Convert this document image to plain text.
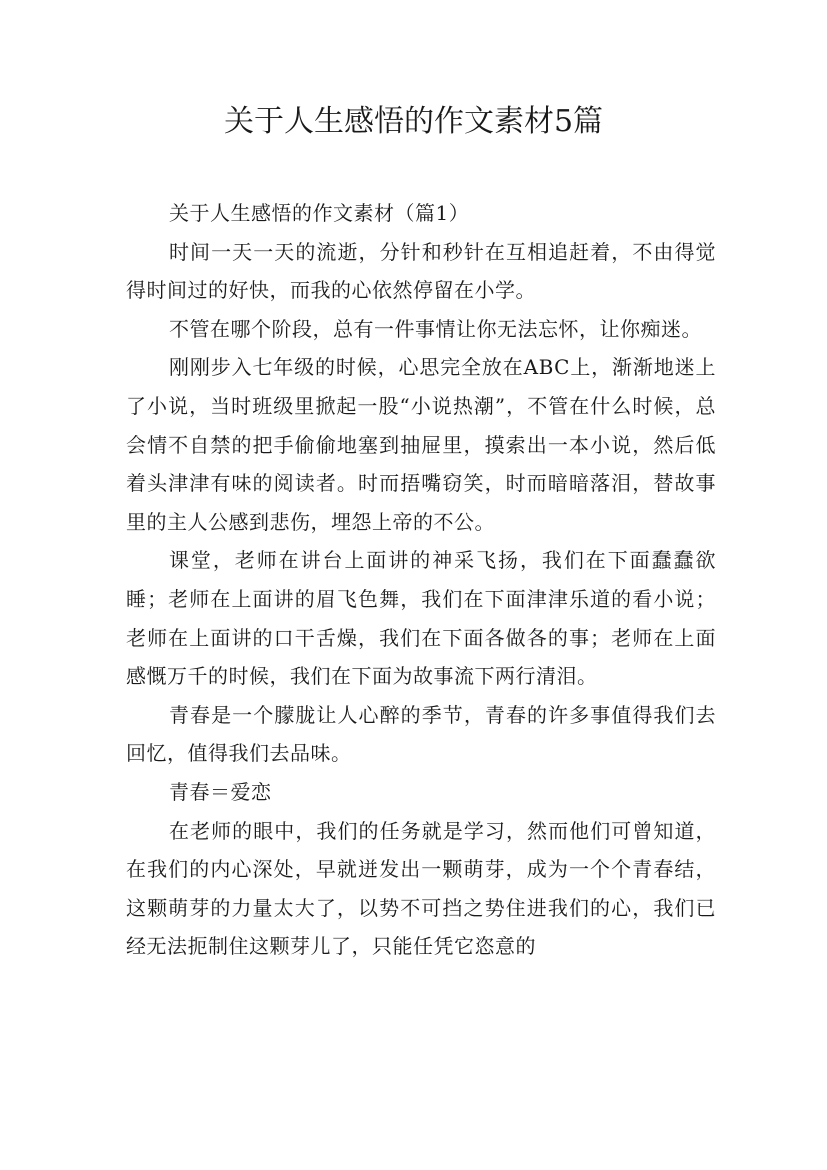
关于人生感悟的作文素材5篇

关于人生感悟的作文素材（篇1）

时间一天一天的流逝，分针和秒针在互相追赶着，不由得觉得时间过的好快，而我的心依然停留在小学。

不管在哪个阶段，总有一件事情让你无法忘怀，让你痴迷。

刚刚步入七年级的时候，心思完全放在ABC上，渐渐地迷上了小说，当时班级里掀起一股“小说热潮”，不管在什么时候，总会情不自禁的把手偷偷地塞到抽屉里，摸索出一本小说，然后低着头津津有味的阅读者。时而捂嘴窃笑，时而暗暗落泪，替故事里的主人公感到悲伤，埋怨上帝的不公。

课堂，老师在讲台上面讲的神采飞扬，我们在下面蠢蠢欲睡；老师在上面讲的眉飞色舞，我们在下面津津乐道的看小说；老师在上面讲的口干舌燥，我们在下面各做各的事；老师在上面感慨万千的时候，我们在下面为故事流下两行清泪。

青春是一个朦胧让人心醉的季节，青春的许多事值得我们去回忆，值得我们去品味。

青春＝爱恋

在老师的眼中，我们的任务就是学习，然而他们可曾知道，在我们的内心深处，早就迸发出一颗萌芽，成为一个个青春结，这颗萌芽的力量太大了，以势不可挡之势住进我们的心，我们已经无法扼制住这颗芽儿了，只能任凭它恣意的
